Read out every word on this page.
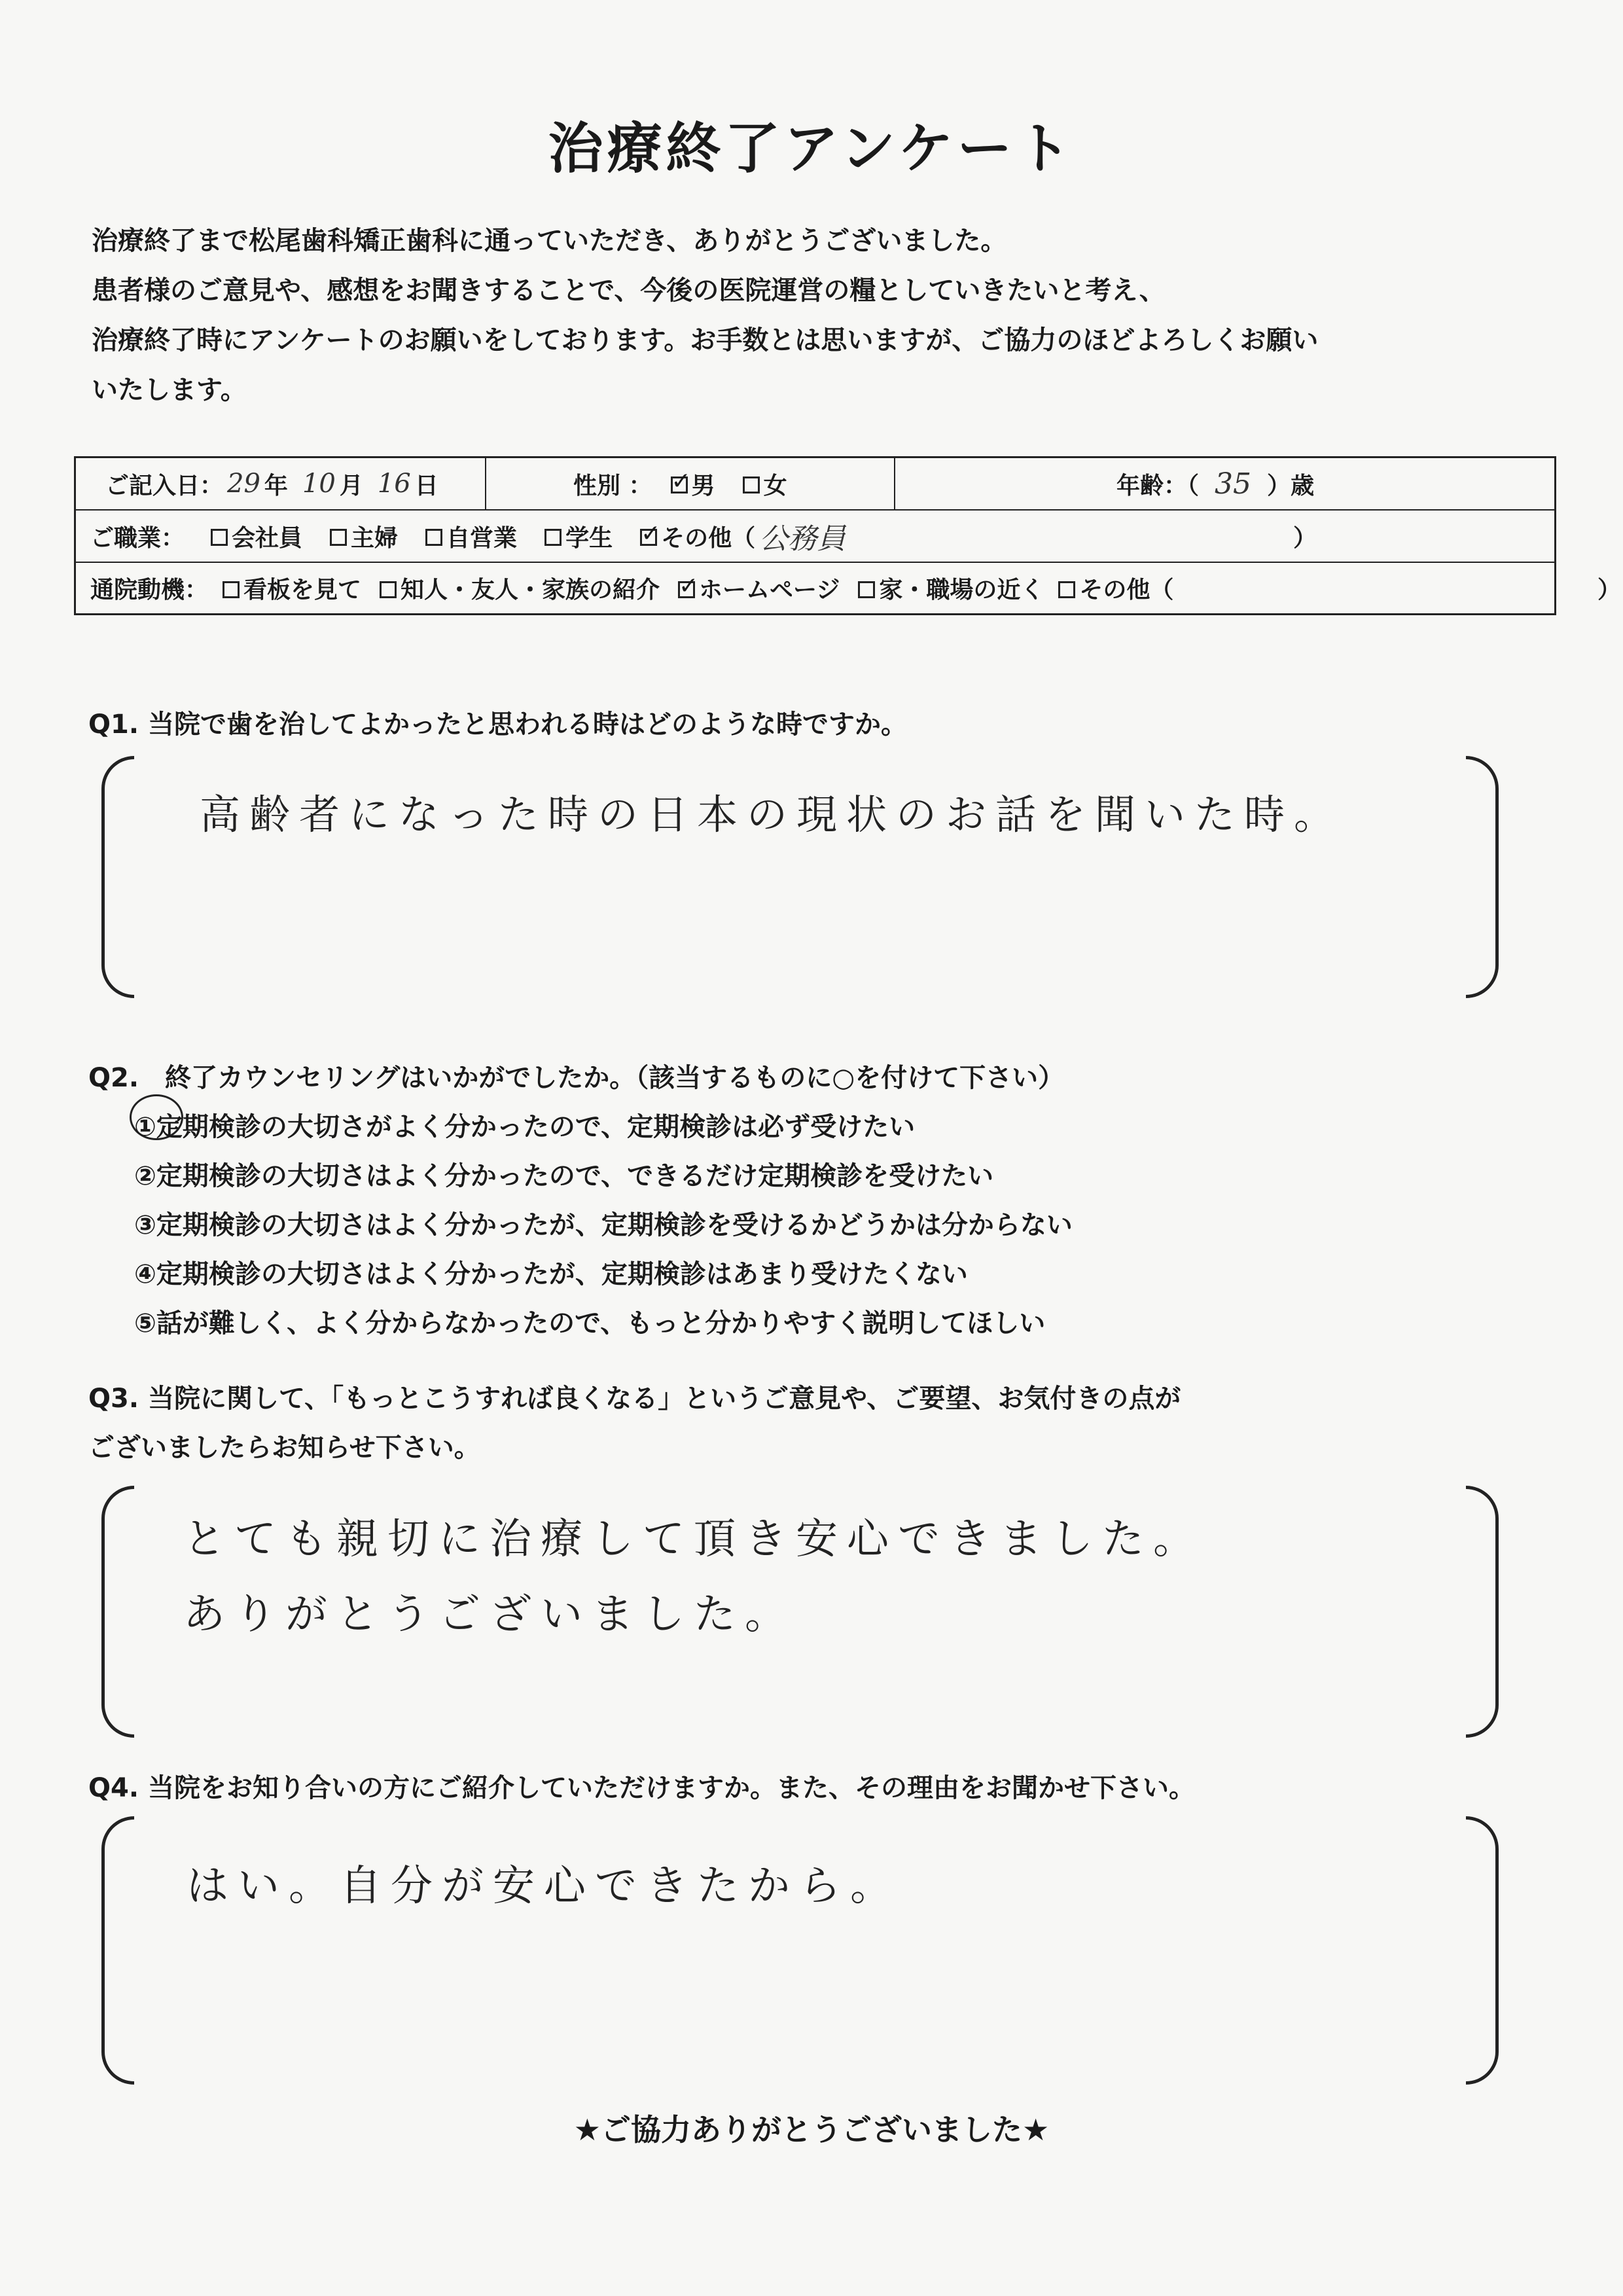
治療終了アンケート
治療終了まで松尾歯科矯正歯科に通っていただき、ありがとうございました。
患者様のご意見や、感想をお聞きすることで、今後の医院運営の糧としていきたいと考え、
治療終了時にアンケートのお願いをしております。お手数とは思いますが、ご協力のほどよろしくお願い
いたします。
ご記入日： 29 年 10 月 16 日	性別 ： ✓ 男 女	年齢：（ 35 ）歳
ご職業： 会社員 主婦 自営業 学生 ✓ その他（ 公務員	）
通院動機： 看板を見て 知人・友人・家族の紹介 ✓ ホームページ 家・職場の近く その他（	）
Q1. 当院で歯を治してよかったと思われる時はどのような時ですか。
高齢者になった時の日本の現状のお話を聞いた時。
Q2.　終了カウンセリングはいかがでしたか。（該当するものに○を付けて下さい）
①定期検診の大切さがよく分かったので、定期検診は必ず受けたい
②定期検診の大切さはよく分かったので、できるだけ定期検診を受けたい
③定期検診の大切さはよく分かったが、定期検診を受けるかどうかは分からない
④定期検診の大切さはよく分かったが、定期検診はあまり受けたくない
⑤話が難しく、よく分からなかったので、もっと分かりやすく説明してほしい
Q3. 当院に関して、「もっとこうすれば良くなる」というご意見や、ご要望、お気付きの点が
ございましたらお知らせ下さい。
とても親切に治療して頂き安心できました。
ありがとうございました。
Q4. 当院をお知り合いの方にご紹介していただけますか。また、その理由をお聞かせ下さい。
はい。自分が安心できたから。
★ご協力ありがとうございました★
